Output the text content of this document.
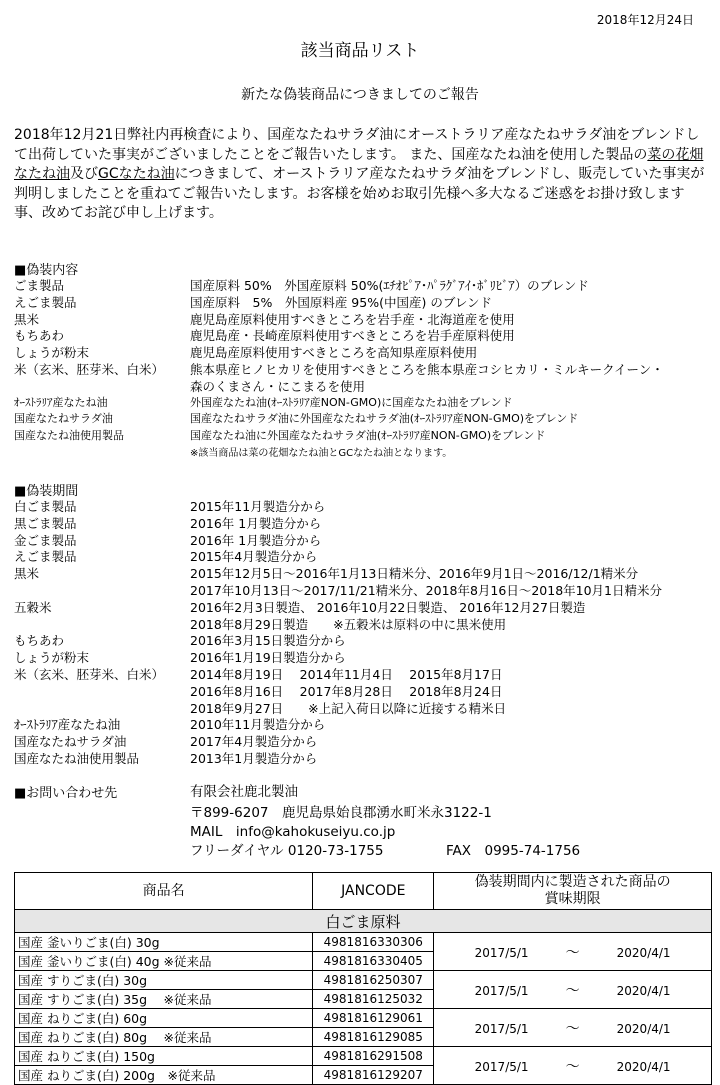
2018年12月24日
該当商品リスト
新たな偽装商品につきましてのご報告
2018年12月21日弊社内再検査により、国産なたねサラダ油にオーストラリア産なたねサラダ油をブレンドして出荷していた事実がございましたことをご報告いたします。 また、国産なたね油を使用した製品の菜の花畑なたね油及びGCなたね油につきまして、オーストラリア産なたねサラダ油をブレンドし、販売していた事実が判明しましたことを重ねてご報告いたします。お客様を始めお取引先様へ多大なるご迷惑をお掛け致します事、改めてお詫び申し上げます。
■偽装内容
ごま製品	国産原料 50%　外国産原料 50%(ｴﾁｵﾋﾟｱ･ﾊﾟﾗｸﾞｱｲ･ﾎﾞﾘﾋﾞｱ）のブレンド
えごま製品	国産原料　5%　外国原料産 95%(中国産) のブレンド
黒米	鹿児島産原料使用すべきところを岩手産・北海道産を使用
もちあわ	鹿児島産・長崎産原料使用すべきところを岩手産原料使用
しょうが粉末	鹿児島産原料使用すべきところを高知県産原料使用
米（玄米、胚芽米、白米） 熊本県産ヒノヒカリを使用すべきところを熊本県産コシヒカリ・ミルキークイーン・
森のくまさん・にこまるを使用
ｵｰｽﾄﾗﾘｱ産なたね油	外国産なたね油(ｵｰｽﾄﾗﾘｱ産NON-GMO)に国産なたね油をブレンド
国産なたねサラダ油	国産なたねサラダ油に外国産なたねサラダ油(ｵｰｽﾄﾗﾘｱ産NON-GMO)をブレンド
国産なたね油使用製品	国産なたね油に外国産なたねサラダ油(ｵｰｽﾄﾗﾘｱ産NON-GMO)をブレンド
※該当商品は菜の花畑なたね油とGCなたね油となります。
■偽装期間
白ごま製品	2015年11月製造分から
黒ごま製品	2016年 1月製造分から
金ごま製品	2016年 1月製造分から
えごま製品	2015年4月製造分から
黒米	2015年12月5日～2016年1月13日精米分、2016年9月1日～2016/12/1精米分
2017年10月13日～2017/11/21精米分、2018年8月16日～2018年10月1日精米分
五穀米	2016年2月3日製造、 2016年10月22日製造、 2016年12月27日製造
2018年8月29日製造　　※五穀米は原料の中に黒米使用
もちあわ	2016年3月15日製造分から
しょうが粉末	2016年1月19日製造分から
米（玄米、胚芽米、白米） 2014年8月19日　 2014年11月4日　 2015年8月17日
2016年8月16日　 2017年8月28日　 2018年8月24日
2018年9月27日　　※上記入荷日以降に近接する精米日
ｵｰｽﾄﾗﾘｱ産なたね油	2010年11月製造分から
国産なたねサラダ油	2017年4月製造分から
国産なたね油使用製品	2013年1月製造分から
■お問い合わせ先	有限会社鹿北製油
〒899-6207　鹿児島県始良郡湧水町米永3122-1
MAIL　info@kahokuseiyu.co.jp
フリーダイヤル 0120-73-1755	FAX　0995-74-1756
商品名	JANCODE	偽装期間内に製造された商品の賞味期限

白ごま原料		
国産 釜いりごま(白) 30g	4981816330306	2017/5/1 ～ 2020/4/1
国産 釜いりごま(白) 40g ※従来品	4981816330405	
国産 すりごま(白) 30g	4981816250307	2017/5/1 ～ 2020/4/1
国産 すりごま(白) 35g　 ※従来品	4981816125032	
国産 ねりごま(白) 60g	4981816129061	2017/5/1 ～ 2020/4/1
国産 ねりごま(白) 80g　 ※従来品	4981816129085	
国産 ねりごま(白) 150g	4981816291508	2017/5/1 ～ 2020/4/1
国産 ねりごま(白) 200g　※従来品	4981816129207	
